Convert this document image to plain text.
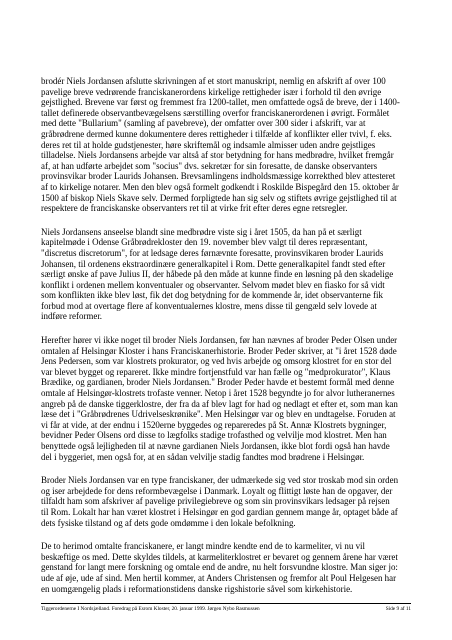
brodér Niels Jordansen afsluttе skrivningen af et stort manuskript, nemlig en afskrift af over 100
pavelige breve vedrørende franciskanerordens kirkelige rettigheder især i forhold til den øvrige
gejstlighed. Brevene var først og fremmest fra 1200-tallet, men omfattede også de breve, der i 1400-
tallet definerede observantbevægelsens særstilling overfor franciskanerordenen i øvrigt. Formålet
med dette "Bullarium" (samling af pavebreve), der omfatter over 300 sider i afskrift, var at
gråbrødrene dermed kunne dokumentere deres rettigheder i tilfælde af konflikter eller tvivl, f. eks.
deres ret til at holde gudstjenester, høre skriftemål og indsamle almisser uden andre gejstliges
tilladelse. Niels Jordansens arbejde var altså af stor betydning for hans medbrødre, hvilket fremgår
af, at han udførte arbejdet som "socius" dvs. sekretær for sin foresatte, de danske observanters
provinsvikar broder Laurids Johansen. Brevsamlingens indholdsmæssige korrekthed blev attesteret
af to kirkelige notarer. Men den blev også formelt godkendt i Roskilde Bispegård den 15. oktober år
1500 af biskop Niels Skave selv. Dermed forpligtede han sig selv og stiftets øvrige gejstlighed til at
respektere de franciskanske observanters ret til at virke frit efter deres egne retsregler.

Niels Jordansens anseelse blandt sine medbrødre viste sig i året 1505, da han på et særligt
kapitelmøde i Odense Gråbrødrekloster den 19. november blev valgt til deres repræsentant,
"discretus discretorum", for at ledsage deres førnævnte foresatte, provinsvikaren broder Laurids
Johansen, til ordenens ekstraordinære generalkapitel i Rom. Dette generalkapitel fandt sted efter
særligt ønske af pave Julius II, der håbede på den måde at kunne finde en løsning på den skadelige
konflikt i ordenen mellem konventualer og observanter. Selvom mødet blev en fiasko for så vidt
som konflikten ikke blev løst, fik det dog betydning for de kommende år, idet observanterne fik
forbud mod at overtage flere af konventualernes klostre, mens disse til gengæld selv lovede at
indføre reformer.

Herefter hører vi ikke noget til broder Niels Jordansen, før han nævnes af broder Peder Olsen under
omtalen af Helsingør Kloster i hans Franciskanerhistorie. Broder Peder skriver, at "i året 1528 døde
Jens Pedersen, som var klostrets prokurator, og ved hvis arbejde og omsorg klostret for en stor del
var blevet bygget og repareret. Ikke mindre fortjenstfuld var han fælle og "medprokurator", Klaus
Brædike, og gardianen, broder Niels Jordansen." Broder Peder havde et bestemt formål med denne
omtale af Helsingør-klostrets trofaste venner. Netop i året 1528 begyndte jo for alvor lutheranernes
angreb på de danske tiggerklostre, der fra da af blev lagt for had og nedlagt et efter et, som man kan
læse det i "Gråbrødrenes Udrivelseskrønike". Men Helsingør var og blev en undtagelse. Foruden at
vi får at vide, at der endnu i 1520erne byggedes og repareredes på St. Annæ Klostrets bygninger,
bevidner Peder Olsens ord disse to lægfolks stadige trofasthed og velvilje mod klostret. Men han
benyttede også lejligheden til at nævne gardianen Niels Jordansen, ikke blot fordi også han havde
del i byggeriet, men også for, at en sådan velvilje stadig fandtes mod brødrene i Helsingør.

Broder Niels Jordansen var en type franciskaner, der udmærkede sig ved stor troskab mod sin orden
og iser arbejdede for dens reformbevægelse i Danmark. Loyalt og flittigt løste han de opgaver, der
tilfaldt ham som afskriver af pavelige privilegiebreve og som sin provinsvikars ledsager på rejsen
til Rom. Lokalt har han været klostret i Helsingør en god gardian gennem mange år, optaget både af
dets fysiske tilstand og af dets gode omdømme i den lokale befolkning.

De to herimod omtalte franciskanere, er langt mindre kendte end de to karmeliter, vi nu vil
beskæftige os med. Dette skyldes tildels, at karmeliterklostret er bevaret og gennem årene har været
genstand for langt mere forskning og omtale end de andre, nu helt forsvundne klostre. Man siger jo:
ude af øje, ude af sind. Men hertil kommer, at Anders Christensen og fremfor alt Poul Helgesen har
en uomgængelig plads i reformationstidens danske rigshistorie såvel som kirkehistorie.

Tiggerordenerne I Nordsjælland. Foredrag på Esrom Kloster, 20. januar 1999. Jørgen Nybo Rasmussen	Side 9 af 11
